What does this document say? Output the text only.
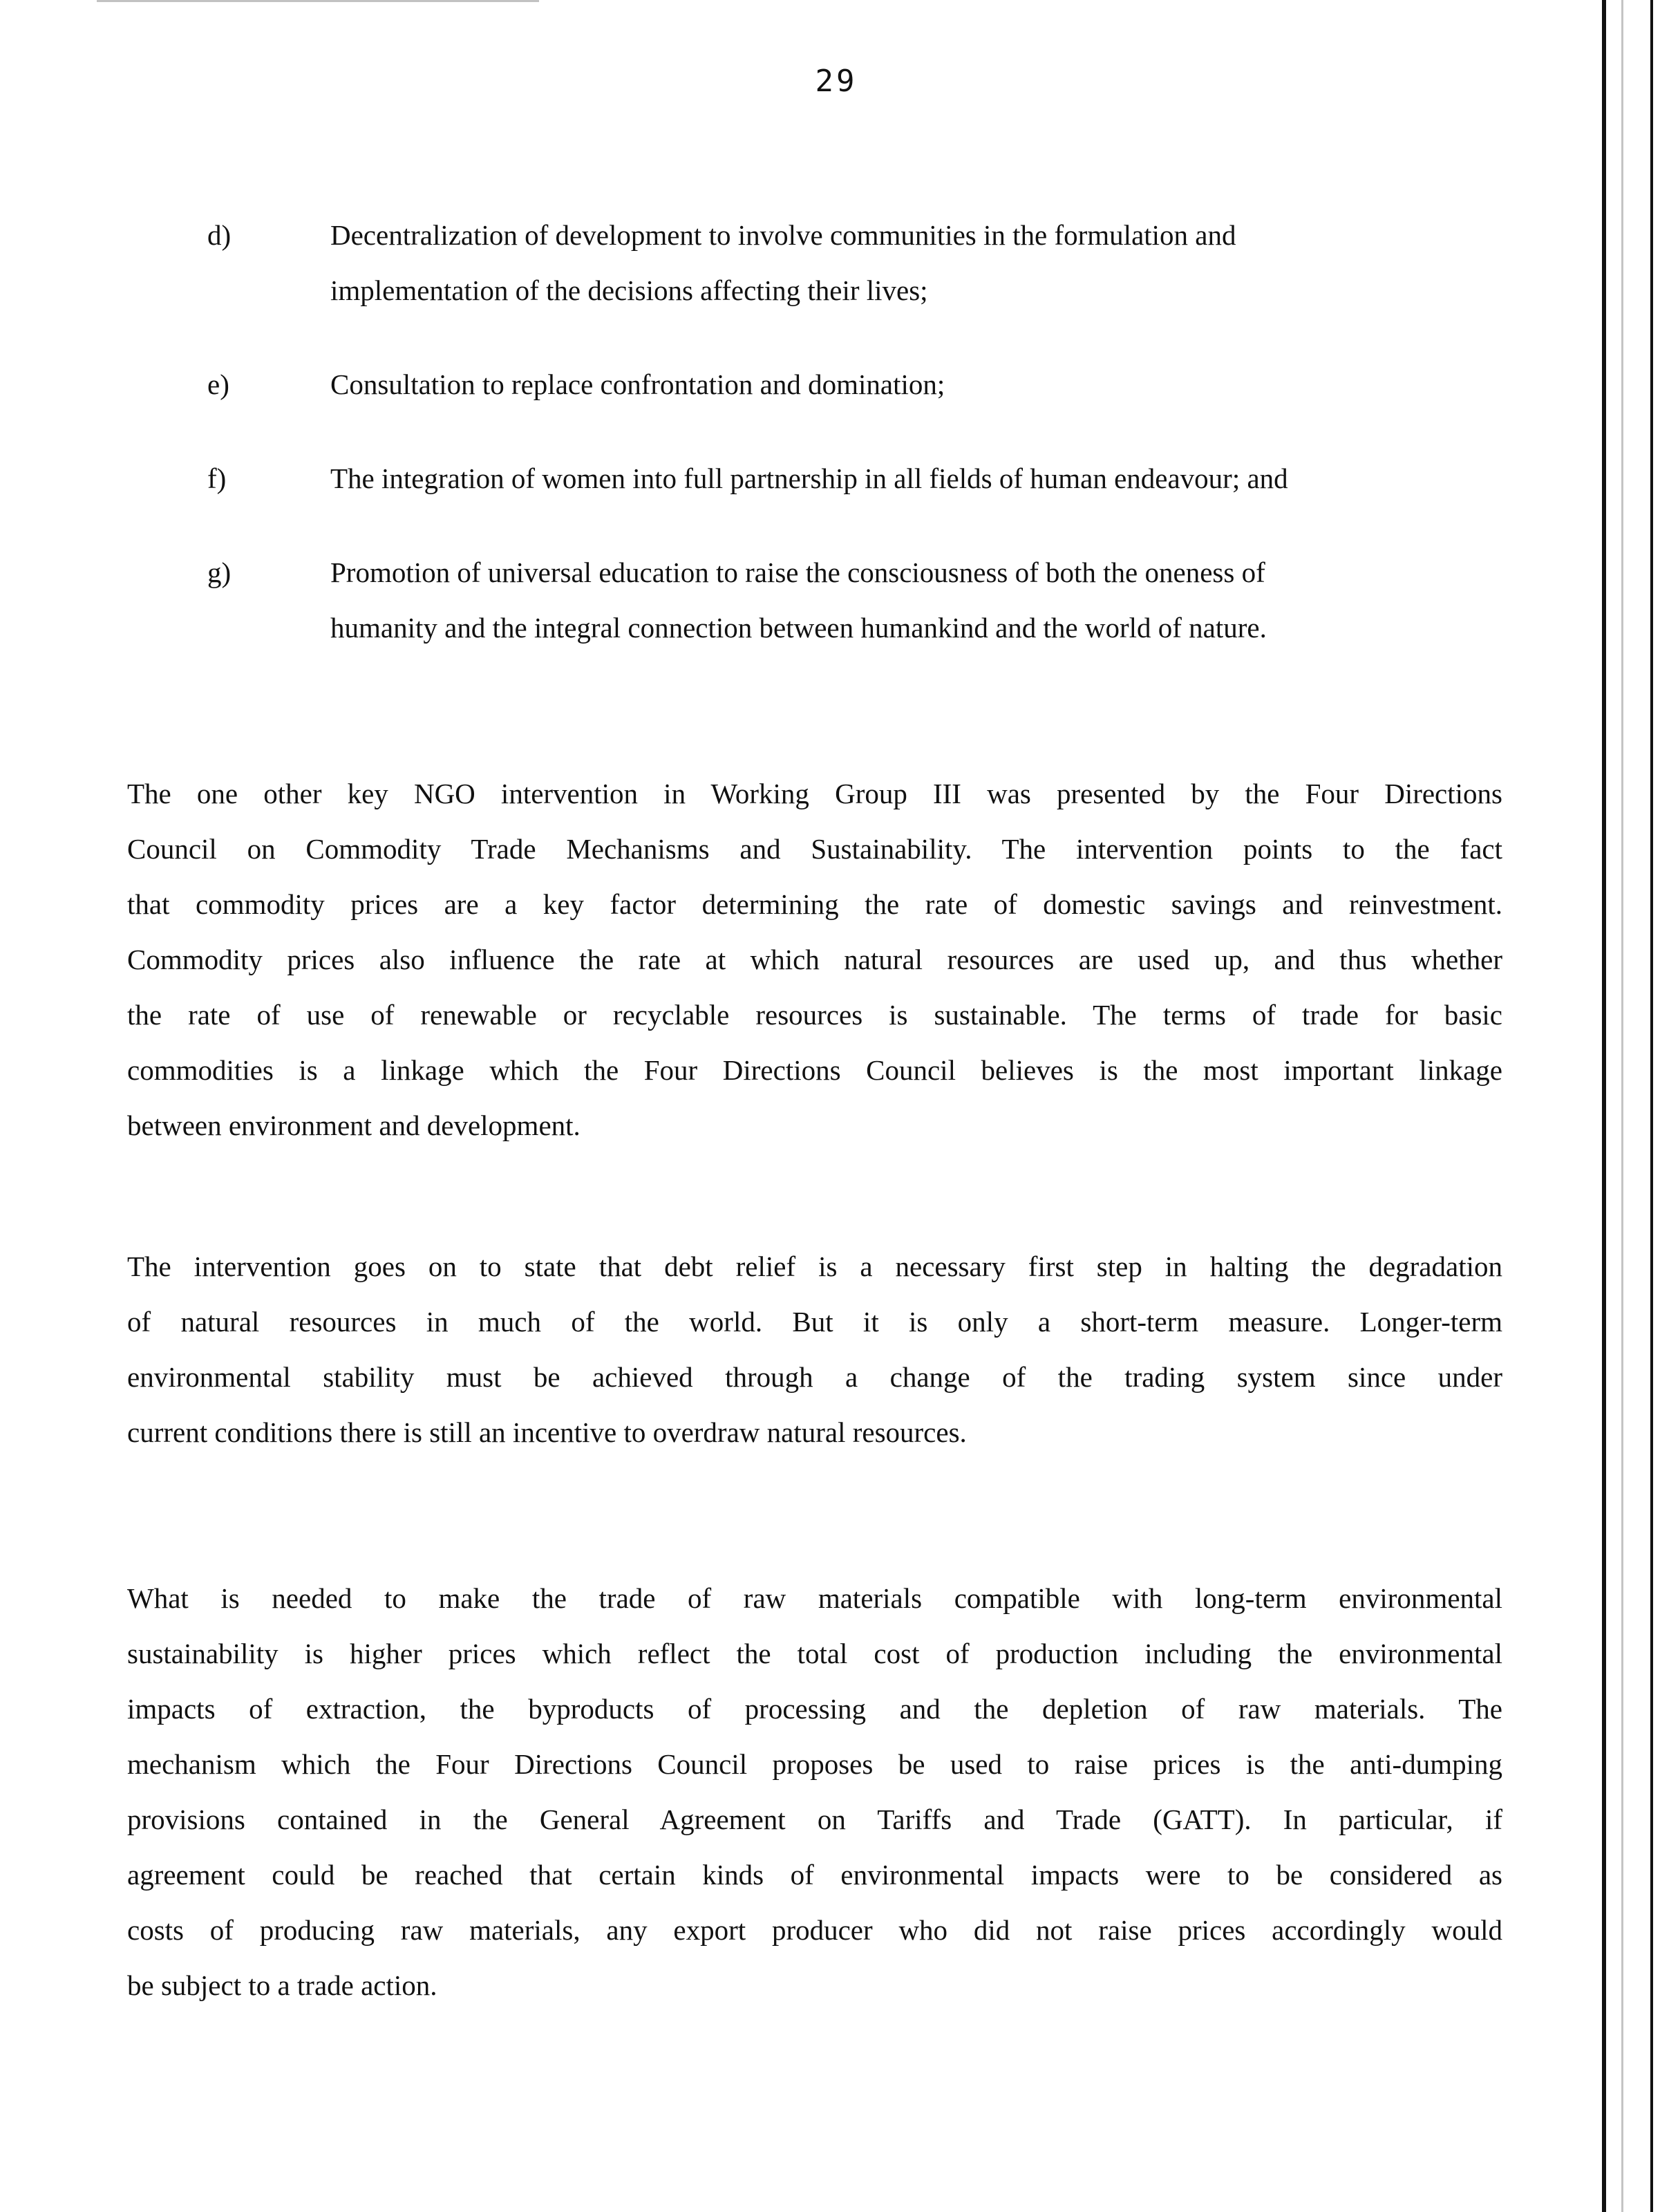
29
d)	Decentralization of development to involve communities in the formulation and
implementation of the decisions affecting their lives;
e)	Consultation to replace confrontation and domination;
f)	The integration of women into full partnership in all fields of human endeavour; and
g)	Promotion of universal education to raise the consciousness of both the oneness of
humanity and the integral connection between humankind and the world of nature.
The one other key NGO intervention in Working Group III was presented by the Four Directions
Council on Commodity Trade Mechanisms and Sustainability. The intervention points to the fact
that commodity prices are a key factor determining the rate of domestic savings and reinvestment.
Commodity prices also influence the rate at which natural resources are used up, and thus whether
the rate of use of renewable or recyclable resources is sustainable. The terms of trade for basic
commodities is a linkage which the Four Directions Council believes is the most important linkage
between environment and development.
The intervention goes on to state that debt relief is a necessary first step in halting the degradation
of natural resources in much of the world. But it is only a short-term measure. Longer-term
environmental stability must be achieved through a change of the trading system since under
current conditions there is still an incentive to overdraw natural resources.
What is needed to make the trade of raw materials compatible with long-term environmental
sustainability is higher prices which reflect the total cost of production including the environmental
impacts of extraction, the byproducts of processing and the depletion of raw materials. The
mechanism which the Four Directions Council proposes be used to raise prices is the anti-dumping
provisions contained in the General Agreement on Tariffs and Trade (GATT). In particular, if
agreement could be reached that certain kinds of environmental impacts were to be considered as
costs of producing raw materials, any export producer who did not raise prices accordingly would
be subject to a trade action.
